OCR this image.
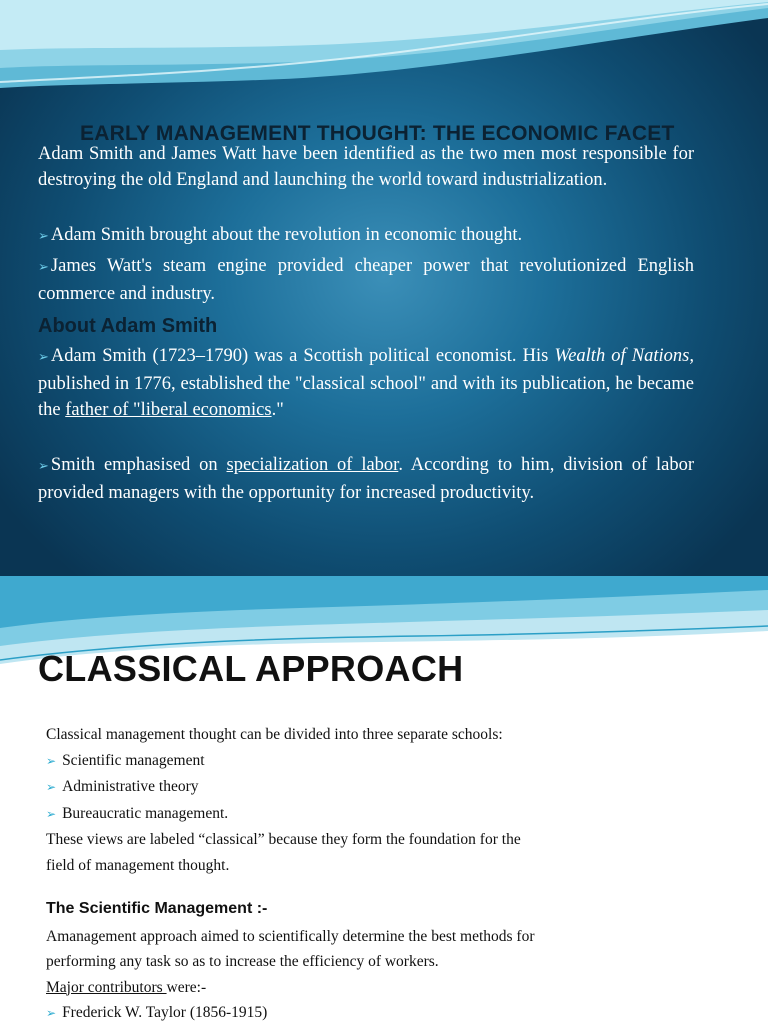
EARLY MANAGEMENT THOUGHT: THE ECONOMIC FACET

Adam Smith and James Watt have been identified as the two men most responsible for destroying the old England and launching the world toward industrialization.

➢ Adam Smith brought about the revolution in economic thought.

➢ James Watt's steam engine provided cheaper power that revolutionized English commerce and industry.

About Adam Smith

➢ Adam Smith (1723–1790) was a Scottish political economist. His Wealth of Nations, published in 1776, established the "classical school" and with its publication, he became the father of "liberal economics."

➢ Smith emphasised on specialization of labor. According to him, division of labor provided managers with the opportunity for increased productivity.

CLASSICAL APPROACH
Classical management thought can be divided into three separate schools:
➢ Scientific management
➢ Administrative theory
➢ Bureaucratic management.
These views are labeled “classical” because they form the foundation for the
field of management thought.
The Scientific Management :-
Amanagement approach aimed to scientifically determine the best methods for
performing any task so as to increase the efficiency of workers.
Major contributors were:-
➢ Frederick W. Taylor (1856-1915)
